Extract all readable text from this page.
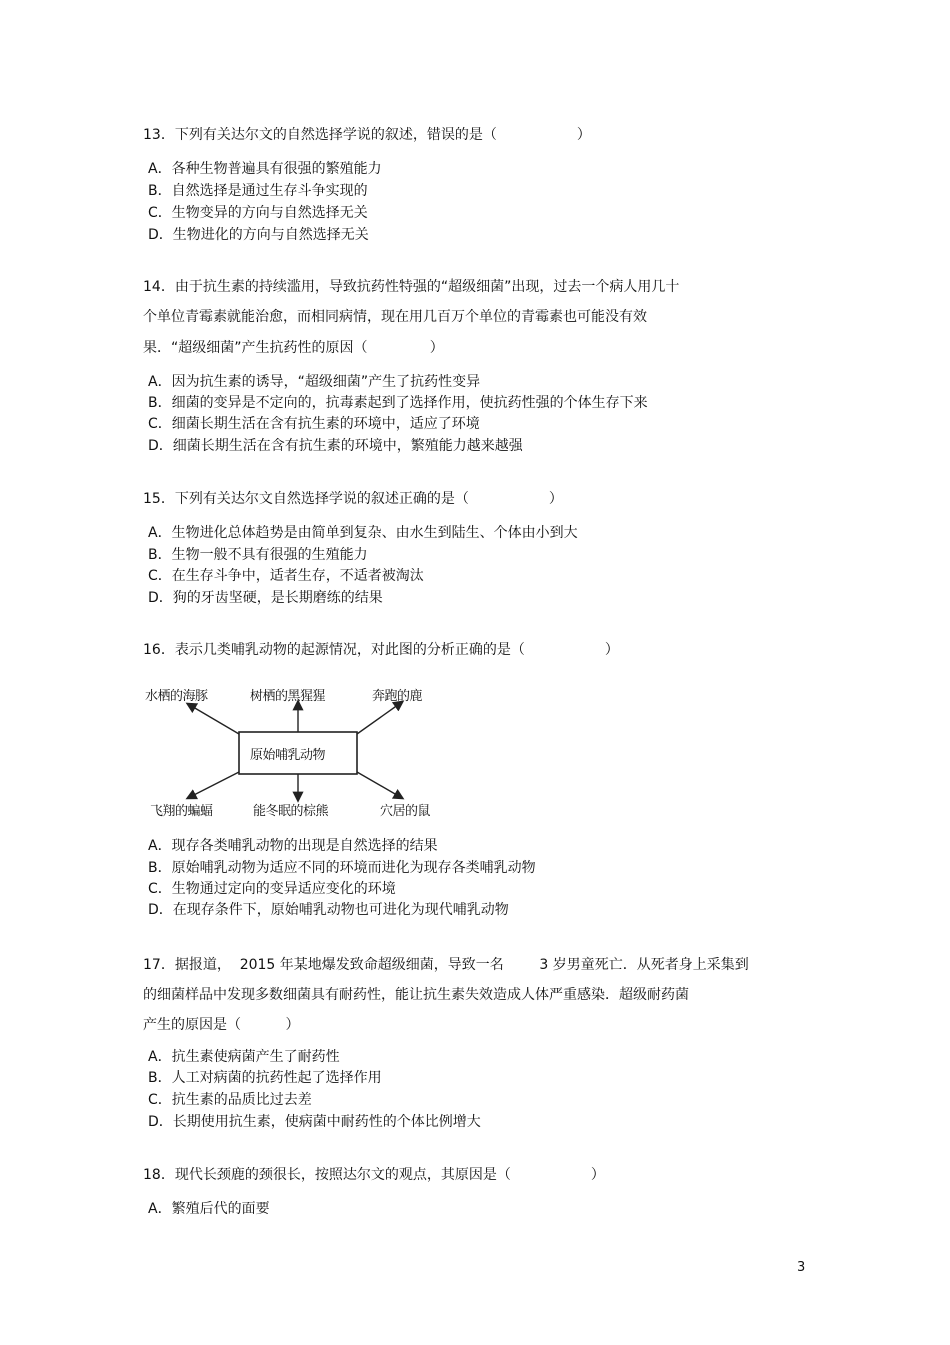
13．下列有关达尔文的自然选择学说的叙述，错误的是（                  ）
A．各种生物普遍具有很强的繁殖能力
B．自然选择是通过生存斗争实现的
C．生物变异的方向与自然选择无关
D．生物进化的方向与自然选择无关
14．由于抗生素的持续滥用，导致抗药性特强的“超级细菌”出现，过去一个病人用几十
个单位青霉素就能治愈，而相同病情，现在用几百万个单位的青霉素也可能没有效
果．“超级细菌”产生抗药性的原因（              ）
A．因为抗生素的诱导，“超级细菌”产生了抗药性变异
B．细菌的变异是不定向的，抗毒素起到了选择作用，使抗药性强的个体生存下来
C．细菌长期生活在含有抗生素的环境中，适应了环境
D．细菌长期生活在含有抗生素的环境中，繁殖能力越来越强
15．下列有关达尔文自然选择学说的叙述正确的是（                  ）
A．生物进化总体趋势是由简单到复杂、由水生到陆生、个体由小到大
B．生物一般不具有很强的生殖能力
C．在生存斗争中，适者生存，不适者被淘汰
D．狗的牙齿坚硬，是长期磨练的结果
16．表示几类哺乳动物的起源情况，对此图的分析正确的是（                  ）
原始哺乳动物
水栖的海豚	树栖的黑猩猩	奔跑的鹿
飞翔的蝙蝠	能冬眠的棕熊	穴居的鼠
A．现存各类哺乳动物的出现是自然选择的结果
B．原始哺乳动物为适应不同的环境而进化为现存各类哺乳动物
C．生物通过定向的变异适应变化的环境
D．在现存条件下，原始哺乳动物也可进化为现代哺乳动物
17．据报道，  2015 年某地爆发致命超级细菌，导致一名        3 岁男童死亡．从死者身上采集到
的细菌样品中发现多数细菌具有耐药性，能让抗生素失效造成人体严重感染．超级耐药菌
产生的原因是（          ）
A．抗生素使病菌产生了耐药性
B．人工对病菌的抗药性起了选择作用
C．抗生素的品质比过去差
D．长期使用抗生素，使病菌中耐药性的个体比例增大
18．现代长颈鹿的颈很长，按照达尔文的观点，其原因是（                  ）
A．繁殖后代的面要
3
